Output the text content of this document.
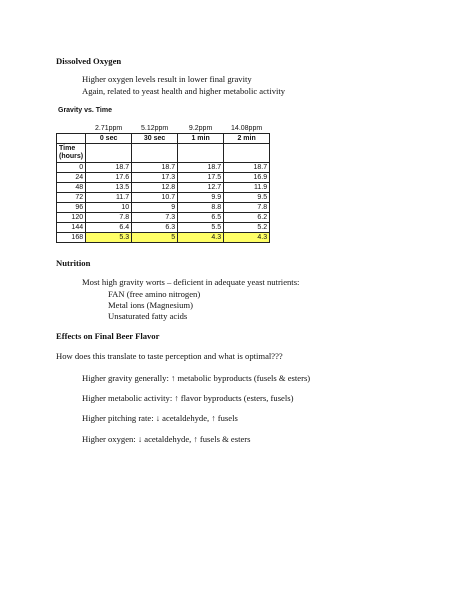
Dissolved Oxygen
Higher oxygen levels result in lower final gravity
Again, related to yeast health and higher metabolic activity
Gravity vs. Time
	2.71ppm	5.12ppm	9.2ppm	14.08ppm
	0 sec	30 sec	1 min	2 min
Time (hours)				
0	18.7	18.7	18.7	18.7
24	17.6	17.3	17.5	16.9
48	13.5	12.8	12.7	11.9
72	11.7	10.7	9.9	9.5
96	10	9	8.8	7.8
120	7.8	7.3	6.5	6.2
144	6.4	6.3	5.5	5.2
168	5.3	5	4.3	4.3
Nutrition
Most high gravity worts – deficient in adequate yeast nutrients:
FAN (free amino nitrogen)
Metal ions (Magnesium)
Unsaturated fatty acids
Effects on Final Beer Flavor
How does this translate to taste perception and what is optimal???
Higher gravity generally: ↑ metabolic byproducts (fusels & esters)
Higher metabolic activity: ↑ flavor byproducts (esters, fusels)
Higher pitching rate: ↓ acetaldehyde, ↑ fusels
Higher oxygen: ↓ acetaldehyde, ↑ fusels & esters
